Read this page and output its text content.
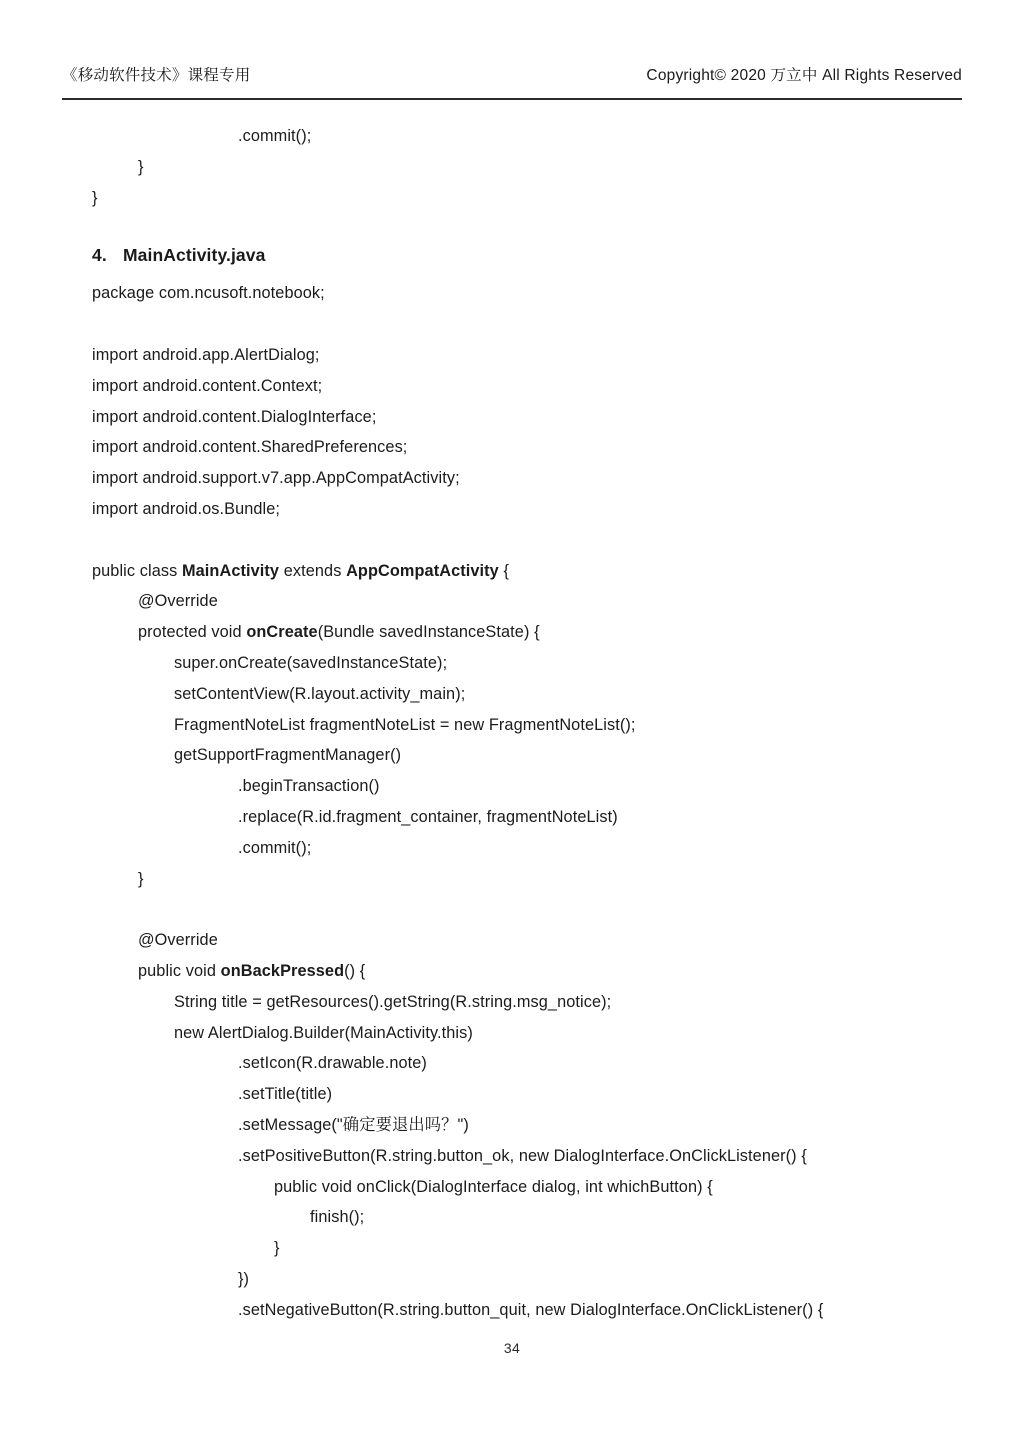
《移动软件技术》课程专用	Copyright© 2020 万立中 All Rights Reserved
.commit();
}
}
4. MainActivity.java
package com.ncusoft.notebook;
import android.app.AlertDialog;
import android.content.Context;
import android.content.DialogInterface;
import android.content.SharedPreferences;
import android.support.v7.app.AppCompatActivity;
import android.os.Bundle;
public class MainActivity extends AppCompatActivity {
@Override
protected void onCreate(Bundle savedInstanceState) {
super.onCreate(savedInstanceState);
setContentView(R.layout.activity_main);
FragmentNoteList fragmentNoteList = new FragmentNoteList();
getSupportFragmentManager()
.beginTransaction()
.replace(R.id.fragment_container, fragmentNoteList)
.commit();
}
@Override
public void onBackPressed() {
String title = getResources().getString(R.string.msg_notice);
new AlertDialog.Builder(MainActivity.this)
.setIcon(R.drawable.note)
.setTitle(title)
.setMessage("确定要退出吗？")
.setPositiveButton(R.string.button_ok, new DialogInterface.OnClickListener() {
public void onClick(DialogInterface dialog, int whichButton) {
finish();
}
})
.setNegativeButton(R.string.button_quit, new DialogInterface.OnClickListener() {
34
